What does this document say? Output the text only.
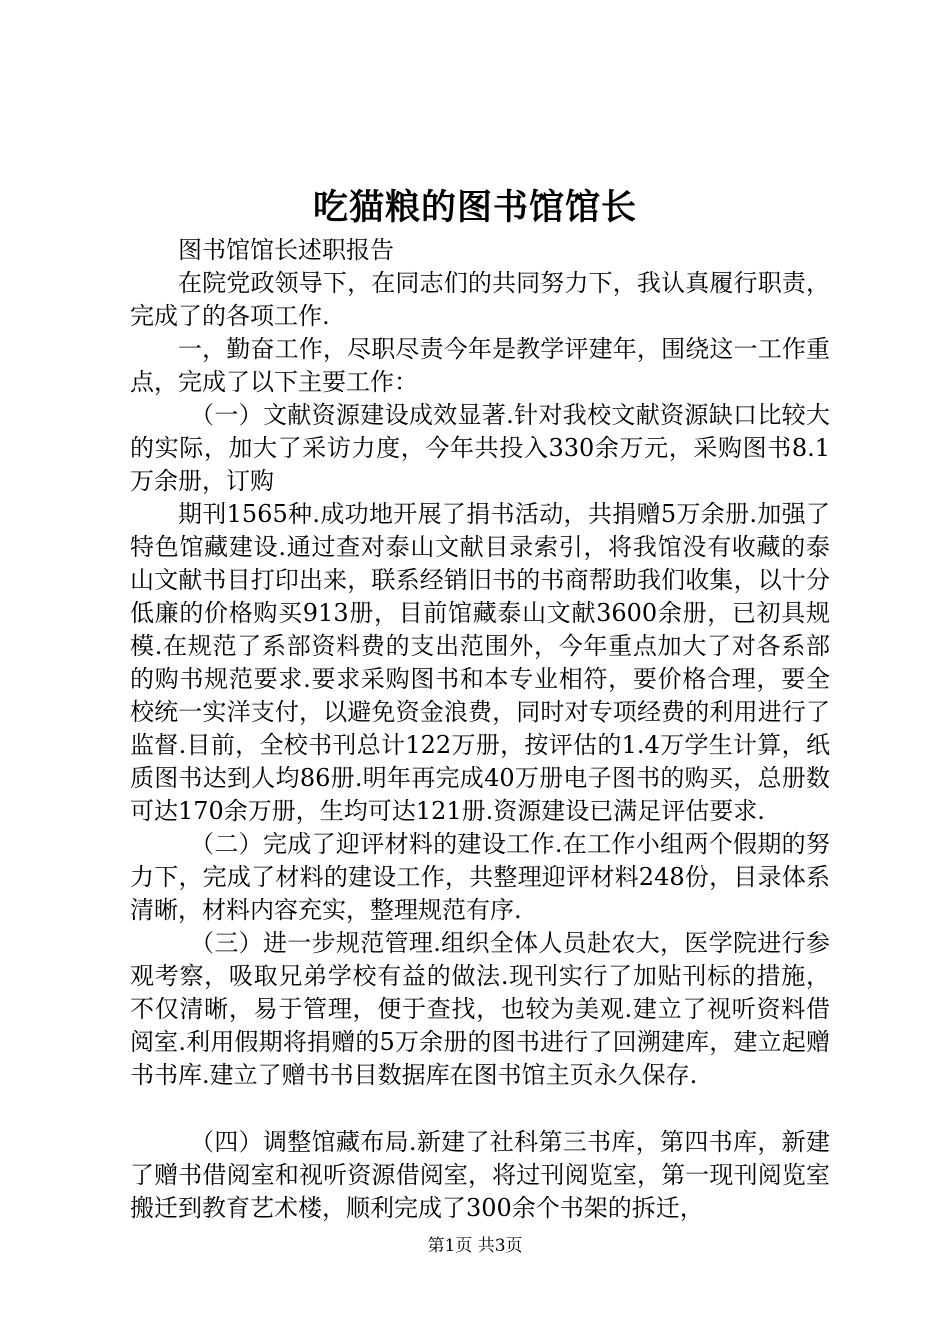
吃猫粮的图书馆馆长

图书馆馆长述职报告

在院党政领导下，在同志们的共同努力下，我认真履行职责，完成了的各项工作.

一，勤奋工作，尽职尽责今年是教学评建年，围绕这一工作重点，完成了以下主要工作：

（一）文献资源建设成效显著.针对我校文献资源缺口比较大的实际，加大了采访力度，今年共投入330余万元，采购图书8.1万余册，订购

期刊1565种.成功地开展了捐书活动，共捐赠5万余册.加强了特色馆藏建设.通过查对泰山文献目录索引，将我馆没有收藏的泰山文献书目打印出来，联系经销旧书的书商帮助我们收集，以十分低廉的价格购买913册，目前馆藏泰山文献3600余册，已初具规模.在规范了系部资料费的支出范围外，今年重点加大了对各系部的购书规范要求.要求采购图书和本专业相符，要价格合理，要全校统一实洋支付，以避免资金浪费，同时对专项经费的利用进行了监督.目前，全校书刊总计122万册，按评估的1.4万学生计算，纸质图书达到人均86册.明年再完成40万册电子图书的购买，总册数可达170余万册，生均可达121册.资源建设已满足评估要求.

（二）完成了迎评材料的建设工作.在工作小组两个假期的努力下，完成了材料的建设工作，共整理迎评材料248份，目录体系清晰，材料内容充实，整理规范有序.

（三）进一步规范管理.组织全体人员赴农大，医学院进行参观考察，吸取兄弟学校有益的做法.现刊实行了加贴刊标的措施，不仅清晰，易于管理，便于查找，也较为美观.建立了视听资料借阅室.利用假期将捐赠的5万余册的图书进行了回溯建库，建立起赠书书库.建立了赠书书目数据库在图书馆主页永久保存.

（四）调整馆藏布局.新建了社科第三书库，第四书库，新建了赠书借阅室和视听资源借阅室，将过刊阅览室，第一现刊阅览室搬迁到教育艺术楼，顺利完成了300余个书架的拆迁，

第1页 共3页
